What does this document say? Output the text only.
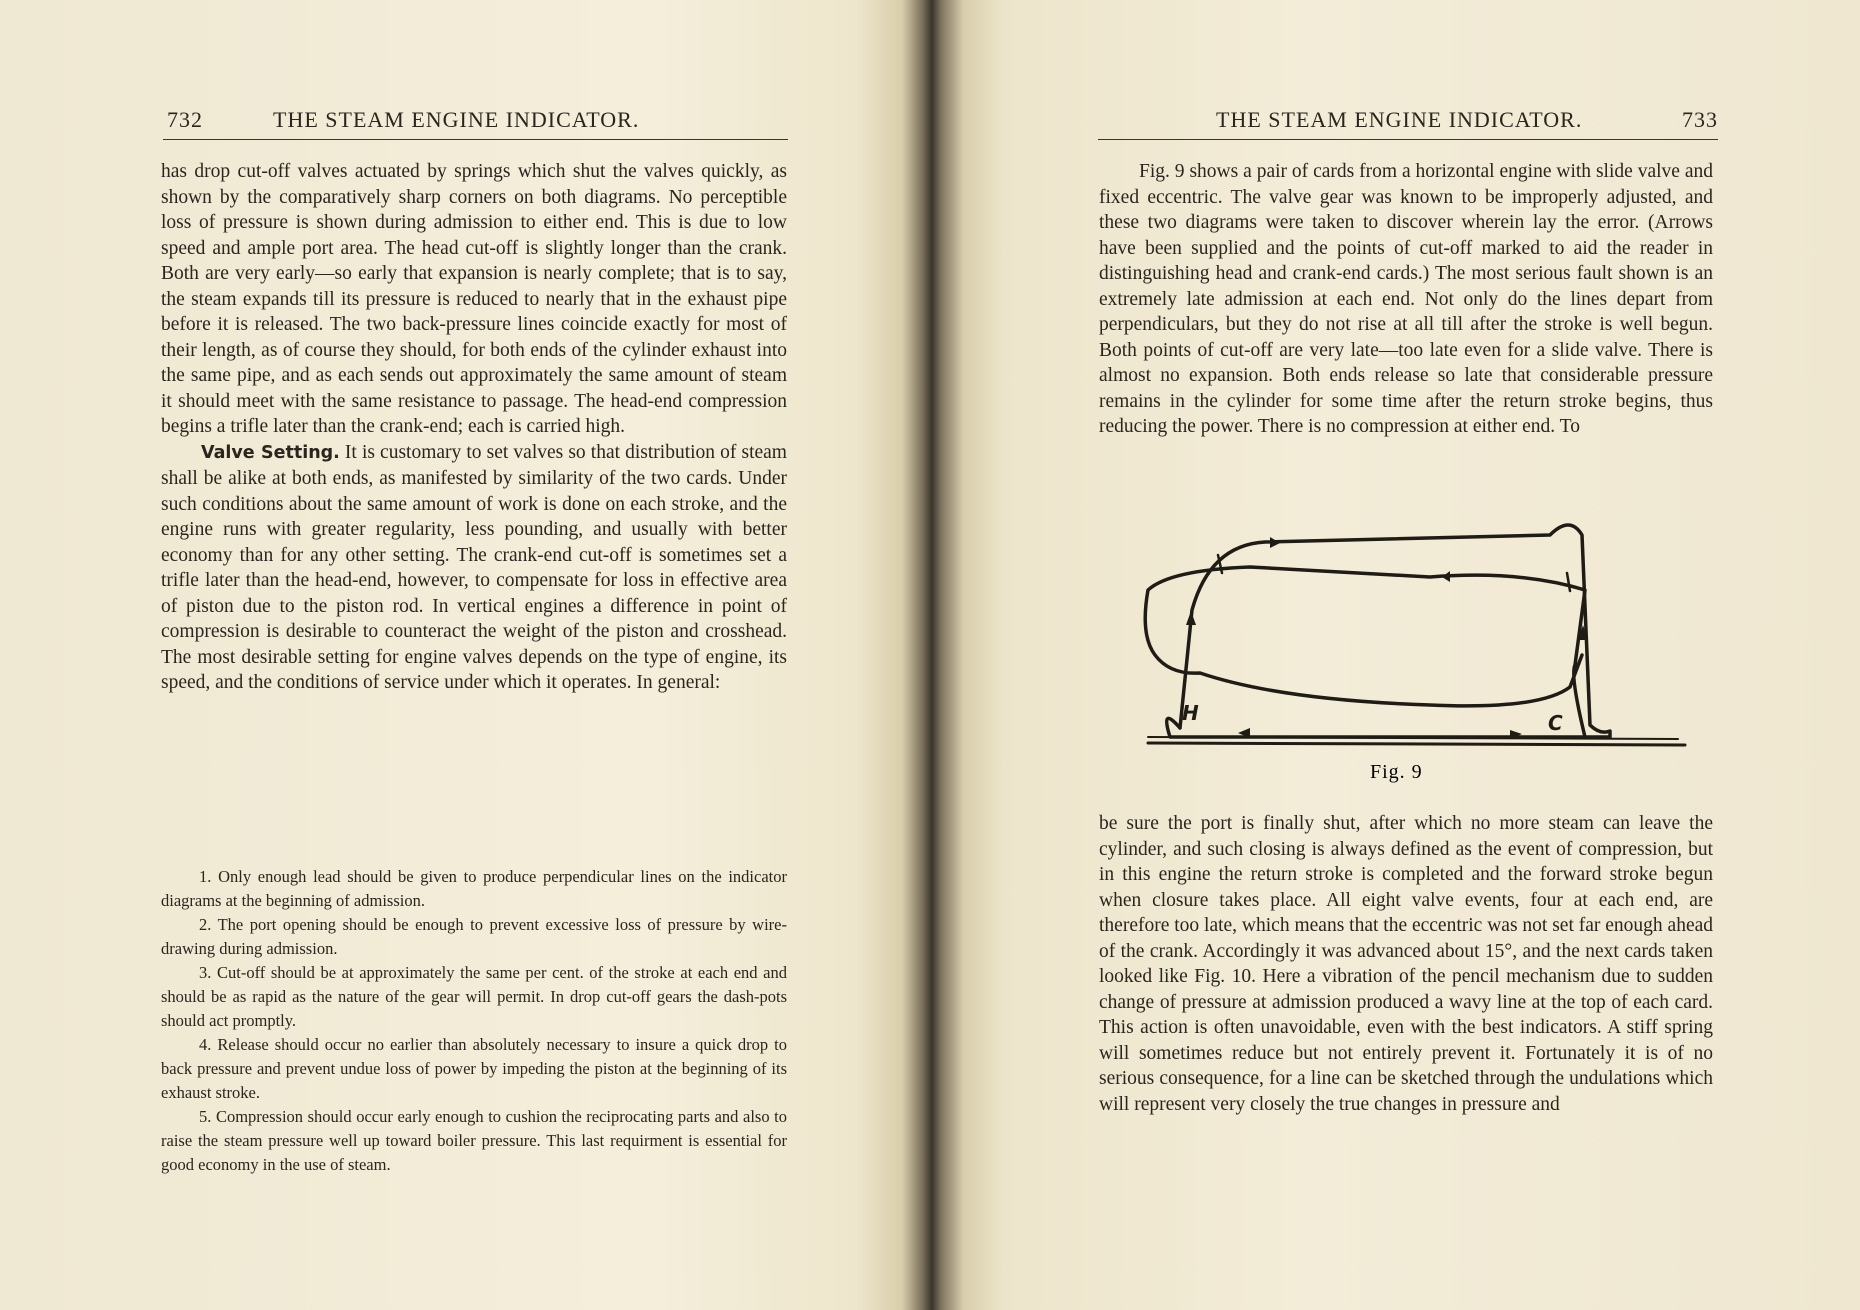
732	THE STEAM ENGINE INDICATOR.

has drop cut-off valves actuated by springs which shut the valves quickly, as shown by the comparatively sharp corners on both diagrams. No perceptible loss of pressure is shown during admission to either end. This is due to low speed and ample port area. The head cut-off is slightly longer than the crank. Both are very early—so early that expansion is nearly complete; that is to say, the steam expands till its pressure is reduced to nearly that in the exhaust pipe before it is released. The two back-pressure lines coincide exactly for most of their length, as of course they should, for both ends of the cylinder exhaust into the same pipe, and as each sends out approximately the same amount of steam it should meet with the same resistance to passage. The head-end compression begins a trifle later than the crank-end; each is carried high.

Valve Setting. It is customary to set valves so that distribution of steam shall be alike at both ends, as manifested by similarity of the two cards. Under such conditions about the same amount of work is done on each stroke, and the engine runs with greater regularity, less pounding, and usually with better economy than for any other setting. The crank-end cut-off is sometimes set a trifle later than the head-end, however, to compensate for loss in effective area of piston due to the piston rod. In vertical engines a difference in point of compression is desirable to counteract the weight of the piston and crosshead. The most desirable setting for engine valves depends on the type of engine, its speed, and the conditions of service under which it operates. In general:

1. Only enough lead should be given to produce perpendicular lines on the indicator diagrams at the beginning of admission.

2. The port opening should be enough to prevent excessive loss of pressure by wire-drawing during admission.

3. Cut-off should be at approximately the same per cent. of the stroke at each end and should be as rapid as the nature of the gear will permit. In drop cut-off gears the dash-pots should act promptly.

4. Release should occur no earlier than absolutely necessary to insure a quick drop to back pressure and prevent undue loss of power by impeding the piston at the beginning of its exhaust stroke.

5. Compression should occur early enough to cushion the reciprocating parts and also to raise the steam pressure well up toward boiler pressure. This last requirment is essential for good economy in the use of steam.

THE STEAM ENGINE INDICATOR.	733

Fig. 9 shows a pair of cards from a horizontal engine with slide valve and fixed eccentric. The valve gear was known to be improperly adjusted, and these two diagrams were taken to discover wherein lay the error. (Arrows have been supplied and the points of cut-off marked to aid the reader in distinguishing head and crank-end cards.) The most serious fault shown is an extremely late admission at each end. Not only do the lines depart from perpendiculars, but they do not rise at all till after the stroke is well begun. Both points of cut-off are very late—too late even for a slide valve. There is almost no expansion. Both ends release so late that considerable pressure remains in the cylinder for some time after the return stroke begins, thus reducing the power. There is no compression at either end. To

be sure the port is finally shut, after which no more steam can leave the cylinder, and such closing is always defined as the event of compression, but in this engine the return stroke is completed and the forward stroke begun when closure takes place. All eight valve events, four at each end, are therefore too late, which means that the eccentric was not set far enough ahead of the crank. Accordingly it was advanced about 15°, and the next cards taken looked like Fig. 10. Here a vibration of the pencil mechanism due to sudden change of pressure at admission produced a wavy line at the top of each card. This action is often unavoidable, even with the best indicators. A stiff spring will sometimes reduce but not entirely prevent it. Fortunately it is of no serious consequence, for a line can be sketched through the undulations which will represent very closely the true changes in pressure and

H	C
Fig. 9
